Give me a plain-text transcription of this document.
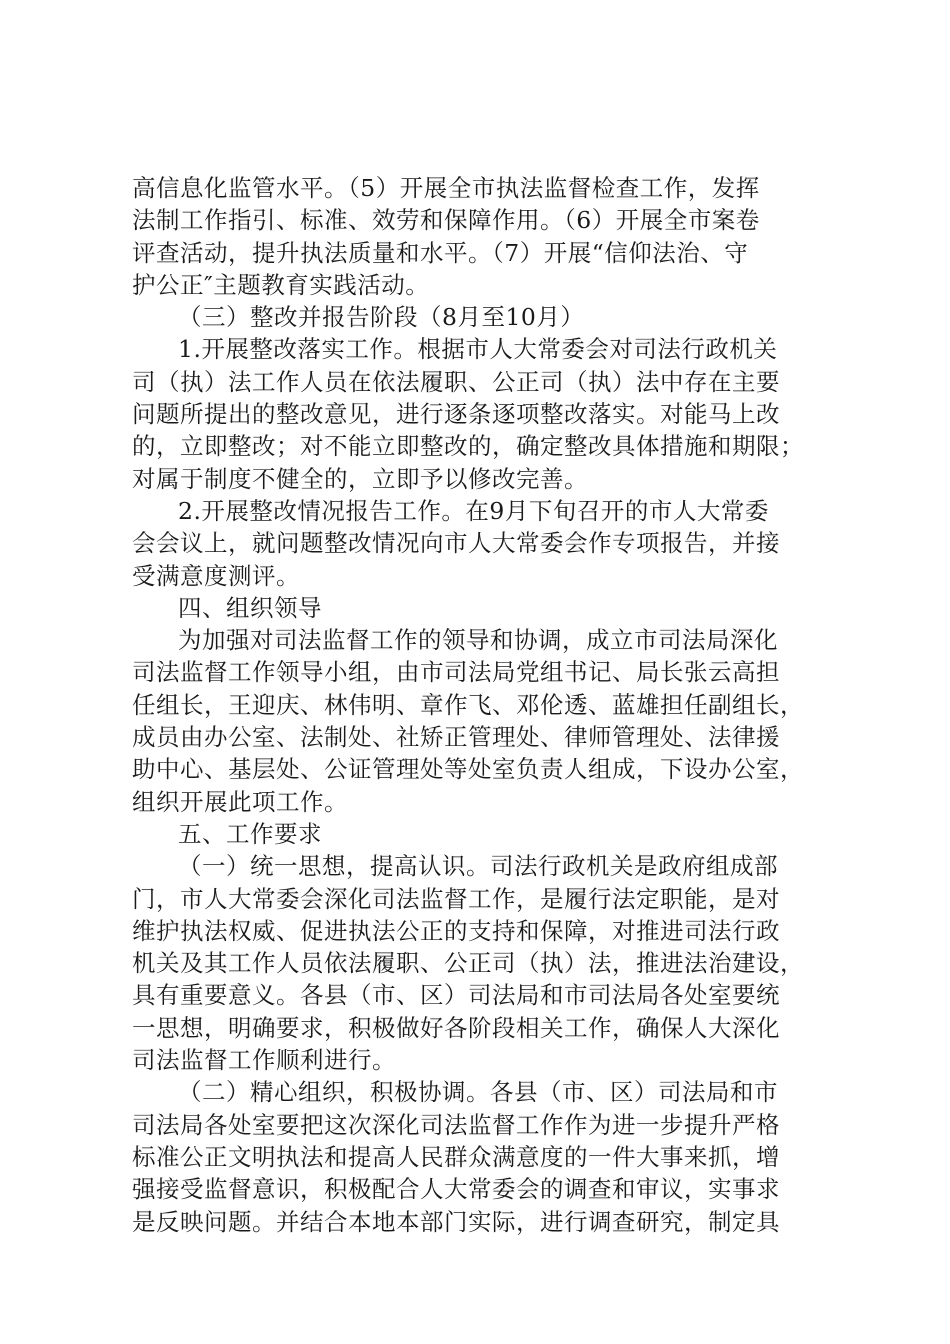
高信息化监管水平。（5）开展全市执法监督检查工作，发挥
法制工作指引、标准、效劳和保障作用。（6）开展全市案卷
评查活动，提升执法质量和水平。（7）开展“信仰法治、守
护公正″主题教育实践活动。
（三）整改并报告阶段（8月至10月）
1.开展整改落实工作。根据市人大常委会对司法行政机关
司（执）法工作人员在依法履职、公正司（执）法中存在主要
问题所提出的整改意见，进行逐条逐项整改落实。对能马上改
的，立即整改；对不能立即整改的，确定整改具体措施和期限；
对属于制度不健全的，立即予以修改完善。
2.开展整改情况报告工作。在9月下旬召开的市人大常委
会会议上，就问题整改情况向市人大常委会作专项报告，并接
受满意度测评。
四、组织领导
为加强对司法监督工作的领导和协调，成立市司法局深化
司法监督工作领导小组，由市司法局党组书记、局长张云高担
任组长，王迎庆、林伟明、章作飞、邓伦透、蓝雄担任副组长，
成员由办公室、法制处、社矫正管理处、律师管理处、法律援
助中心、基层处、公证管理处等处室负责人组成，下设办公室，
组织开展此项工作。
五、工作要求
（一）统一思想，提高认识。司法行政机关是政府组成部
门，市人大常委会深化司法监督工作，是履行法定职能，是对
维护执法权威、促进执法公正的支持和保障，对推进司法行政
机关及其工作人员依法履职、公正司（执）法，推进法治建设，
具有重要意义。各县（市、区）司法局和市司法局各处室要统
一思想，明确要求，积极做好各阶段相关工作，确保人大深化
司法监督工作顺利进行。
（二）精心组织，积极协调。各县（市、区）司法局和市
司法局各处室要把这次深化司法监督工作作为进一步提升严格
标准公正文明执法和提高人民群众满意度的一件大事来抓，增
强接受监督意识，积极配合人大常委会的调查和审议，实事求
是反映问题。并结合本地本部门实际，进行调查研究，制定具
